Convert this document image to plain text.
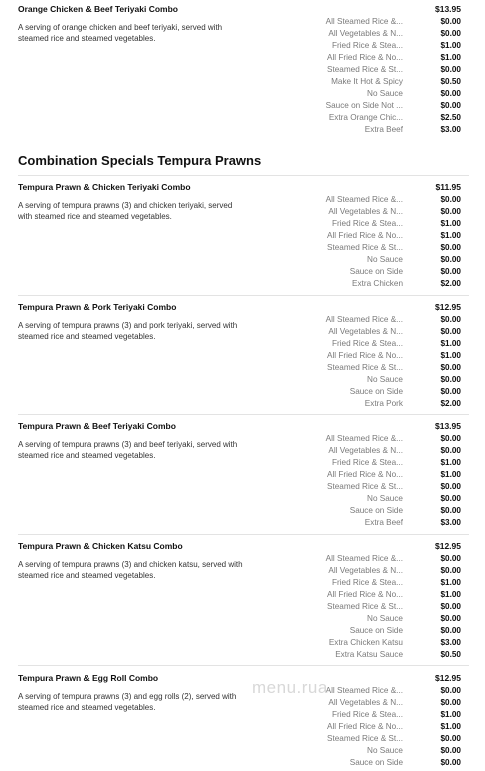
Orange Chicken & Beef Teriyaki Combo	$13.95
A serving of orange chicken and beef teriyaki, served with steamed rice and steamed vegetables.
All Steamed Rice &...	$0.00
All Vegetables & N...	$0.00
Fried Rice & Stea...	$1.00
All Fried Rice & No...	$1.00
Steamed Rice & St...	$0.00
Make It Hot & Spicy	$0.50
No Sauce	$0.00
Sauce on Side Not ...	$0.00
Extra Orange Chic...	$2.50
Extra Beef	$3.00
Combination Specials Tempura Prawns
Tempura Prawn & Chicken Teriyaki Combo	$11.95
A serving of tempura prawns (3) and chicken teriyaki, served with steamed rice and steamed vegetables.
All Steamed Rice &...	$0.00
All Vegetables & N...	$0.00
Fried Rice & Stea...	$1.00
All Fried Rice & No...	$1.00
Steamed Rice & St...	$0.00
No Sauce	$0.00
Sauce on Side	$0.00
Extra Chicken	$2.00
Tempura Prawn & Pork Teriyaki Combo	$12.95
A serving of tempura prawns (3) and pork teriyaki, served with steamed rice and steamed vegetables.
All Steamed Rice &...	$0.00
All Vegetables & N...	$0.00
Fried Rice & Stea...	$1.00
All Fried Rice & No...	$1.00
Steamed Rice & St...	$0.00
No Sauce	$0.00
Sauce on Side	$0.00
Extra Pork	$2.00
Tempura Prawn & Beef Teriyaki Combo	$13.95
A serving of tempura prawns (3) and beef teriyaki, served with steamed rice and steamed vegetables.
All Steamed Rice &...	$0.00
All Vegetables & N...	$0.00
Fried Rice & Stea...	$1.00
All Fried Rice & No...	$1.00
Steamed Rice & St...	$0.00
No Sauce	$0.00
Sauce on Side	$0.00
Extra Beef	$3.00
Tempura Prawn & Chicken Katsu Combo	$12.95
A serving of tempura prawns (3) and chicken katsu, served with steamed rice and steamed vegetables.
All Steamed Rice &...	$0.00
All Vegetables & N...	$0.00
Fried Rice & Stea...	$1.00
All Fried Rice & No...	$1.00
Steamed Rice & St...	$0.00
No Sauce	$0.00
Sauce on Side	$0.00
Extra Chicken Katsu	$3.00
Extra Katsu Sauce	$0.50
Tempura Prawn & Egg Roll Combo	$12.95
A serving of tempura prawns (3) and egg rolls (2), served with steamed rice and steamed vegetables.
All Steamed Rice &...	$0.00
All Vegetables & N...	$0.00
Fried Rice & Stea...	$1.00
All Fried Rice & No...	$1.00
Steamed Rice & St...	$0.00
No Sauce	$0.00
Sauce on Side	$0.00
menu.rua
